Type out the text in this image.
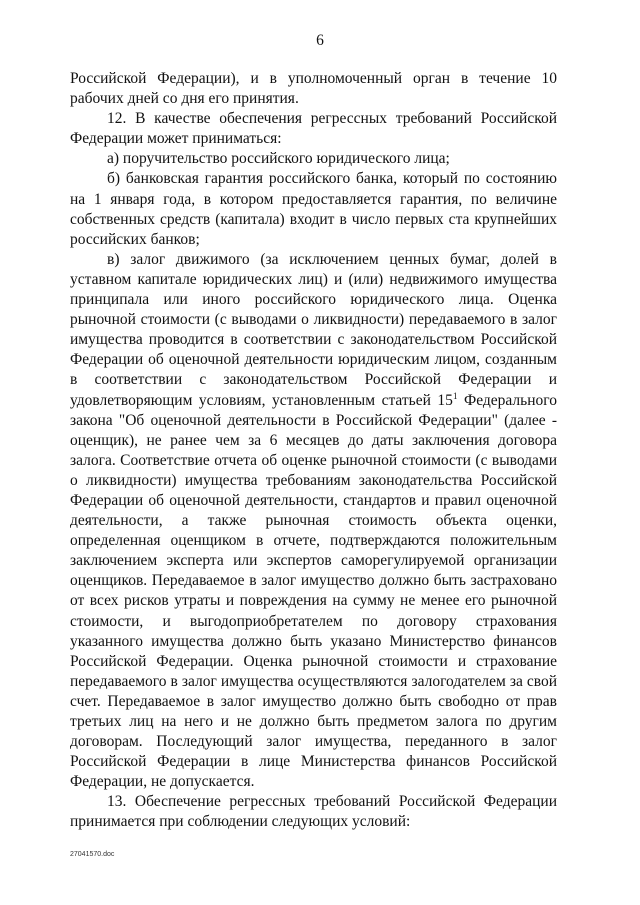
6

Российской Федерации), и в уполномоченный орган в течение 10 рабочих дней со дня его принятия.

12. В качестве обеспечения регрессных требований Российской Федерации может приниматься:

а) поручительство российского юридического лица;

б) банковская гарантия российского банка, который по состоянию на 1 января года, в котором предоставляется гарантия, по величине собственных средств (капитала) входит в число первых ста крупнейших российских банков;

в) залог движимого (за исключением ценных бумаг, долей в уставном капитале юридических лиц) и (или) недвижимого имущества принципала или иного российского юридического лица. Оценка рыночной стоимости (с выводами о ликвидности) передаваемого в залог имущества проводится в соответствии с законодательством Российской Федерации об оценочной деятельности юридическим лицом, созданным в соответствии с законодательством Российской Федерации и удовлетворяющим условиям, установленным статьей $15^1$ Федерального закона "Об оценочной деятельности в Российской Федерации" (далее - оценщик), не ранее чем за 6 месяцев до даты заключения договора залога. Соответствие отчета об оценке рыночной стоимости (с выводами о ликвидности) имущества требованиям законодательства Российской Федерации об оценочной деятельности, стандартов и правил оценочной деятельности, а также рыночная стоимость объекта оценки, определенная оценщиком в отчете, подтверждаются положительным заключением эксперта или экспертов саморегулируемой организации оценщиков. Передаваемое в залог имущество должно быть застраховано от всех рисков утраты и повреждения на сумму не менее его рыночной стоимости, и выгодоприобретателем по договору страхования указанного имущества должно быть указано Министерство финансов Российской Федерации. Оценка рыночной стоимости и страхование передаваемого в залог имущества осуществляются залогодателем за свой счет. Передаваемое в залог имущество должно быть свободно от прав третьих лиц на него и не должно быть предметом залога по другим договорам. Последующий залог имущества, переданного в залог Российской Федерации в лице Министерства финансов Российской Федерации, не допускается.

13. Обеспечение регрессных требований Российской Федерации принимается при соблюдении следующих условий:

27041570.doc
